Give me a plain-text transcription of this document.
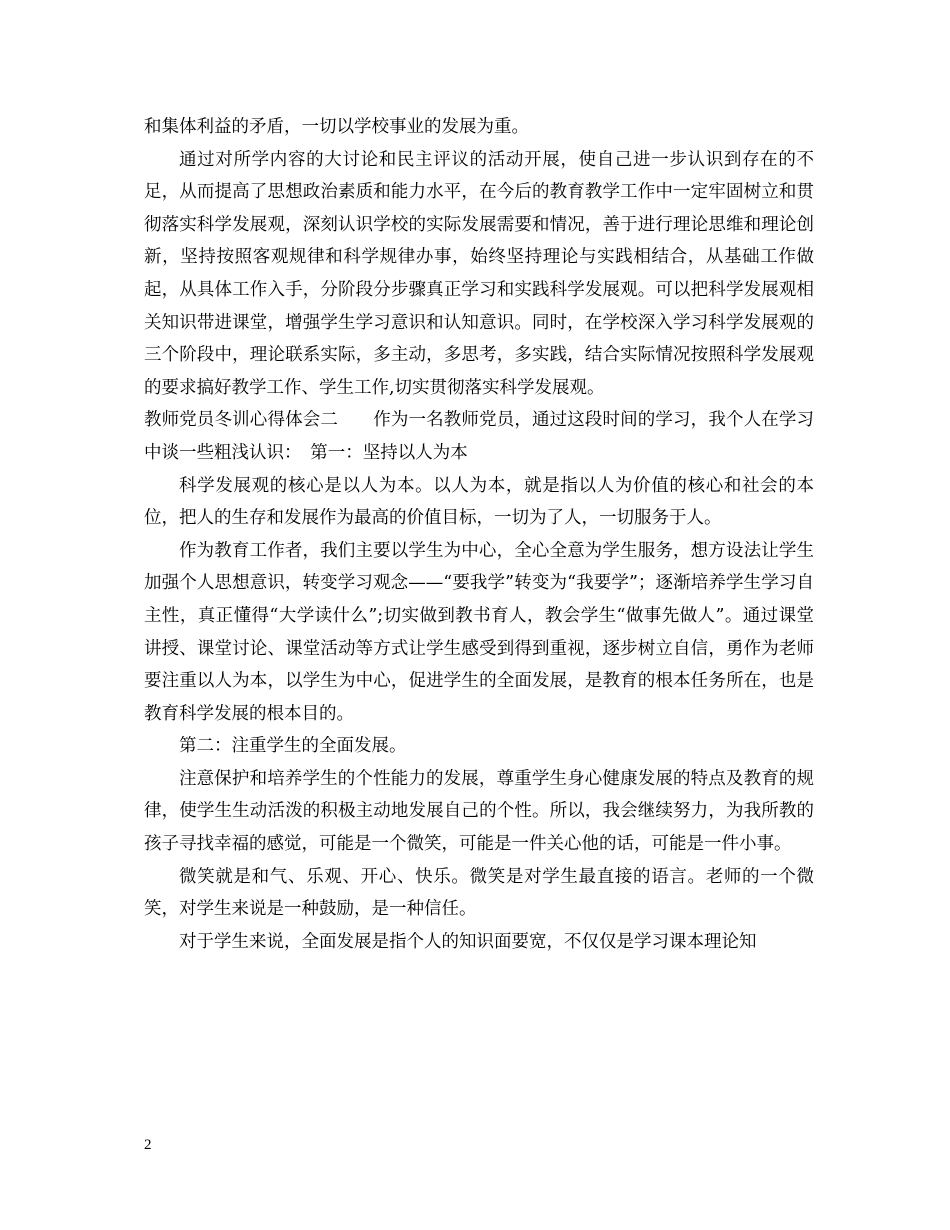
和集体利益的矛盾，一切以学校事业的发展为重。

通过对所学内容的大讨论和民主评议的活动开展，使自己进一步认识到存在的不足，从而提高了思想政治素质和能力水平，在今后的教育教学工作中一定牢固树立和贯彻落实科学发展观，深刻认识学校的实际发展需要和情况，善于进行理论思维和理论创新，坚持按照客观规律和科学规律办事，始终坚持理论与实践相结合，从基础工作做起，从具体工作入手，分阶段分步骤真正学习和实践科学发展观。可以把科学发展观相关知识带进课堂，增强学生学习意识和认知意识。同时，在学校深入学习科学发展观的三个阶段中，理论联系实际，多主动，多思考，多实践，结合实际情况按照科学发展观的要求搞好教学工作、学生工作,切实贯彻落实科学发展观。

教师党员冬训心得体会二　　作为一名教师党员，通过这段时间的学习，我个人在学习中谈一些粗浅认识：　第一：坚持以人为本

科学发展观的核心是以人为本。以人为本，就是指以人为价值的核心和社会的本位，把人的生存和发展作为最高的价值目标，一切为了人，一切服务于人。

作为教育工作者，我们主要以学生为中心，全心全意为学生服务，想方设法让学生加强个人思想意识，转变学习观念——“要我学”转变为“我要学”；逐渐培养学生学习自主性，真正懂得“大学读什么”;切实做到教书育人，教会学生“做事先做人”。通过课堂讲授、课堂讨论、课堂活动等方式让学生感受到得到重视，逐步树立自信，勇作为老师要注重以人为本，以学生为中心，促进学生的全面发展，是教育的根本任务所在，也是教育科学发展的根本目的。

第二：注重学生的全面发展。

注意保护和培养学生的个性能力的发展，尊重学生身心健康发展的特点及教育的规律，使学生生动活泼的积极主动地发展自己的个性。所以，我会继续努力，为我所教的孩子寻找幸福的感觉，可能是一个微笑，可能是一件关心他的话，可能是一件小事。

微笑就是和气、乐观、开心、快乐。微笑是对学生最直接的语言。老师的一个微笑，对学生来说是一种鼓励，是一种信任。

对于学生来说，全面发展是指个人的知识面要宽，不仅仅是学习课本理论知

2
